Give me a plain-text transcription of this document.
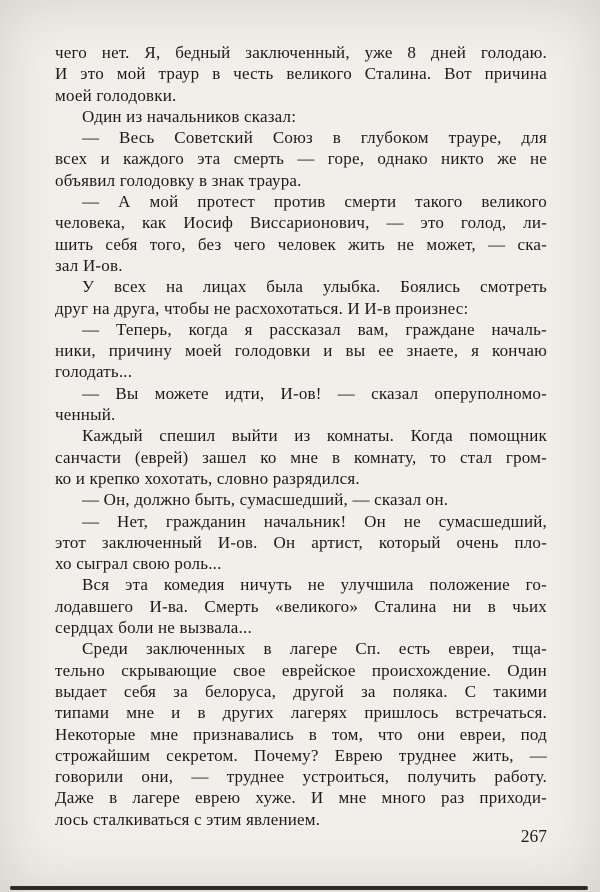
чего нет. Я, бедный заключенный, уже 8 дней голодаю.
И это мой траур в честь великого Сталина. Вот причина
моей голодовки.
Один из начальников сказал:
— Весь Советский Союз в глубоком трауре, для
всех и каждого эта смерть — горе, однако никто же не
объявил голодовку в знак траура.
— А мой протест против смерти такого великого
человека, как Иосиф Виссарионович, — это голод, ли-
шить себя того, без чего человек жить не может, — ска-
зал И-ов.
У всех на лицах была улыбка. Боялись смотреть
друг на друга, чтобы не расхохотаться. И И-в произнес:
— Теперь, когда я рассказал вам, граждане началь-
ники, причину моей голодовки и вы ее знаете, я кончаю
голодать...
— Вы можете идти, И-ов! — сказал оперуполномо-
ченный.
Каждый спешил выйти из комнаты. Когда помощник
санчасти (еврей) зашел ко мне в комнату, то стал гром-
ко и крепко хохотать, словно разрядился.
— Он, должно быть, сумасшедший, — сказал он.
— Нет, гражданин начальник! Он не сумасшедший,
этот заключенный И-ов. Он артист, который очень пло-
хо сыграл свою роль...
Вся эта комедия ничуть не улучшила положение го-
лодавшего И-ва. Смерть «великого» Сталина ни в чьих
сердцах боли не вызвала...
Среди заключенных в лагере Сп. есть евреи, тща-
тельно скрывающие свое еврейское происхождение. Один
выдает себя за белоруса, другой за поляка. С такими
типами мне и в других лагерях пришлось встречаться.
Некоторые мне признавались в том, что они евреи, под
строжайшим секретом. Почему? Еврею труднее жить, —
говорили они, — труднее устроиться, получить работу.
Даже в лагере еврею хуже. И мне много раз приходи-
лось сталкиваться с этим явлением.
267
